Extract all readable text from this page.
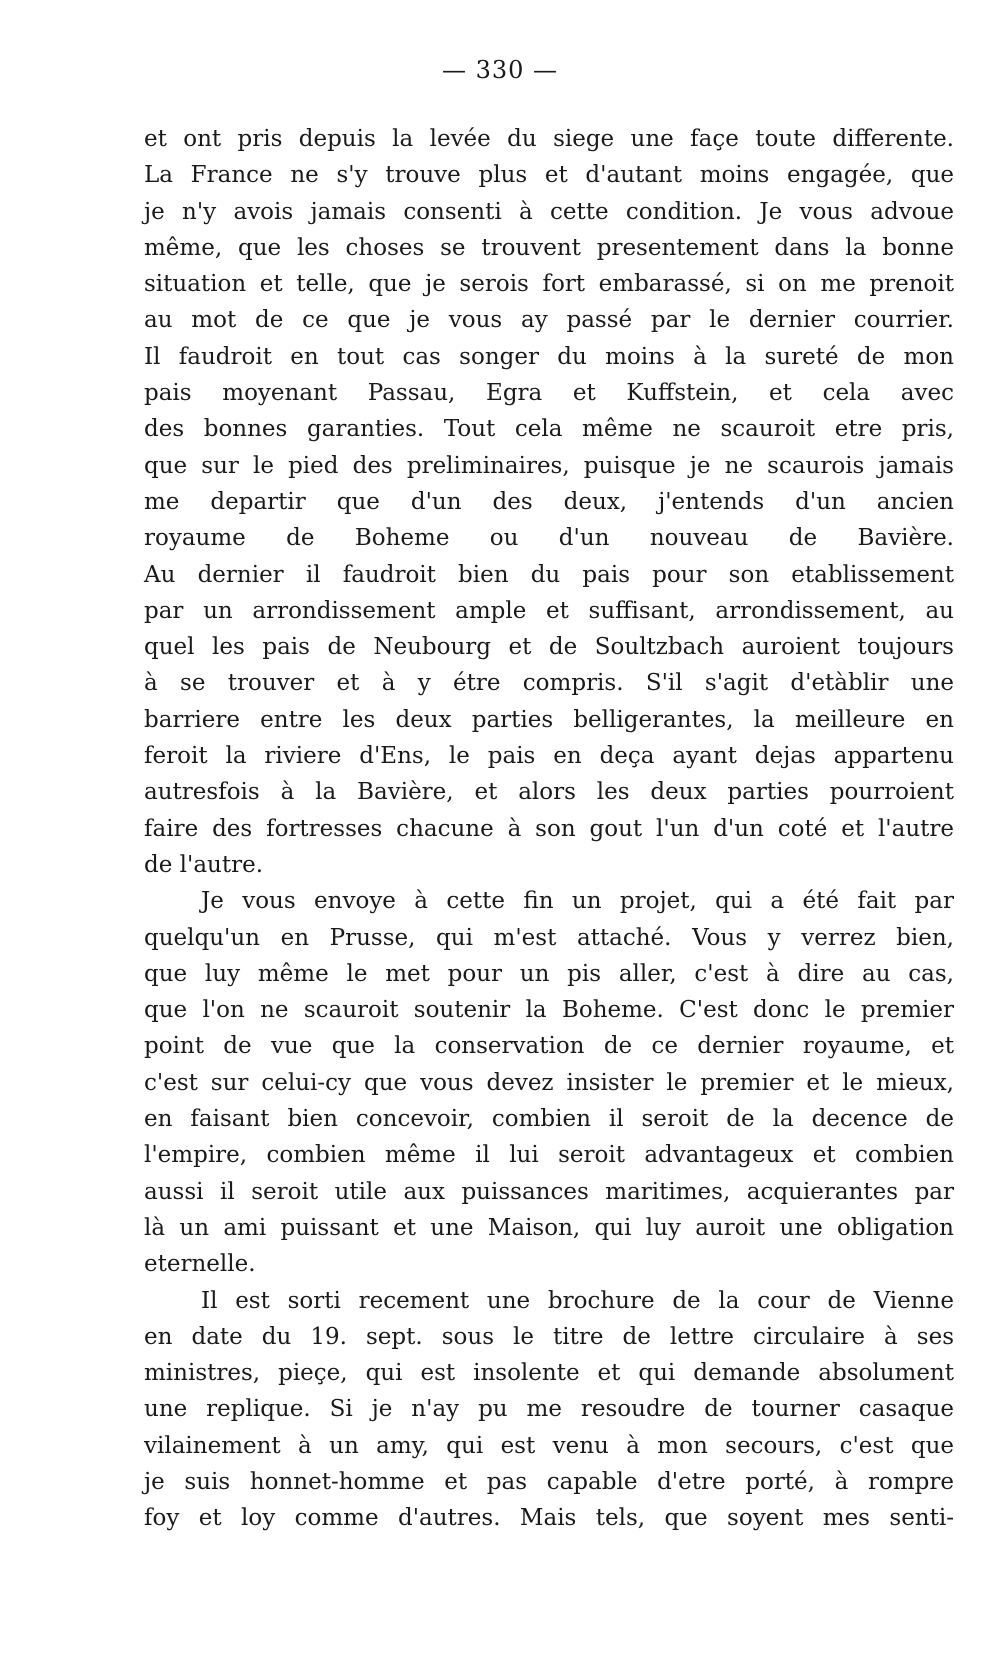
— 330 —
et ont pris depuis la levée du siege une façe toute differente.
La France ne s'y trouve plus et d'autant moins engagée, que
je n'y avois jamais consenti à cette condition. Je vous advoue
même, que les choses se trouvent presentement dans la bonne
situation et telle, que je serois fort embarassé, si on me prenoit
au mot de ce que je vous ay passé par le dernier courrier.
Il faudroit en tout cas songer du moins à la sureté de mon
pais moyenant Passau, Egra et Kuffstein, et cela avec
des bonnes garanties. Tout cela même ne scauroit etre pris,
que sur le pied des preliminaires, puisque je ne scaurois jamais
me departir que d'un des deux, j'entends d'un ancien
royaume de Boheme ou d'un nouveau de Bavière.
Au dernier il faudroit bien du pais pour son etablissement
par un arrondissement ample et suffisant, arrondissement, au
quel les pais de Neubourg et de Soultzbach auroient toujours
à se trouver et à y étre compris. S'il s'agit d'etàblir une
barriere entre les deux parties belligerantes, la meilleure en
feroit la riviere d'Ens, le pais en deça ayant dejas appartenu
autresfois à la Bavière, et alors les deux parties pourroient
faire des fortresses chacune à son gout l'un d'un coté et l'autre
de l'autre.
Je vous envoye à cette fin un projet, qui a été fait par
quelqu'un en Prusse, qui m'est attaché. Vous y verrez bien,
que luy même le met pour un pis aller, c'est à dire au cas,
que l'on ne scauroit soutenir la Boheme. C'est donc le premier
point de vue que la conservation de ce dernier royaume, et
c'est sur celui-cy que vous devez insister le premier et le mieux,
en faisant bien concevoir, combien il seroit de la decence de
l'empire, combien même il lui seroit advantageux et combien
aussi il seroit utile aux puissances maritimes, acquierantes par
là un ami puissant et une Maison, qui luy auroit une obligation
eternelle.
Il est sorti recement une brochure de la cour de Vienne
en date du 19. sept. sous le titre de lettre circulaire à ses
ministres, pieçe, qui est insolente et qui demande absolument
une replique. Si je n'ay pu me resoudre de tourner casaque
vilainement à un amy, qui est venu à mon secours, c'est que
je suis honnet-homme et pas capable d'etre porté, à rompre
foy et loy comme d'autres. Mais tels, que soyent mes senti-
